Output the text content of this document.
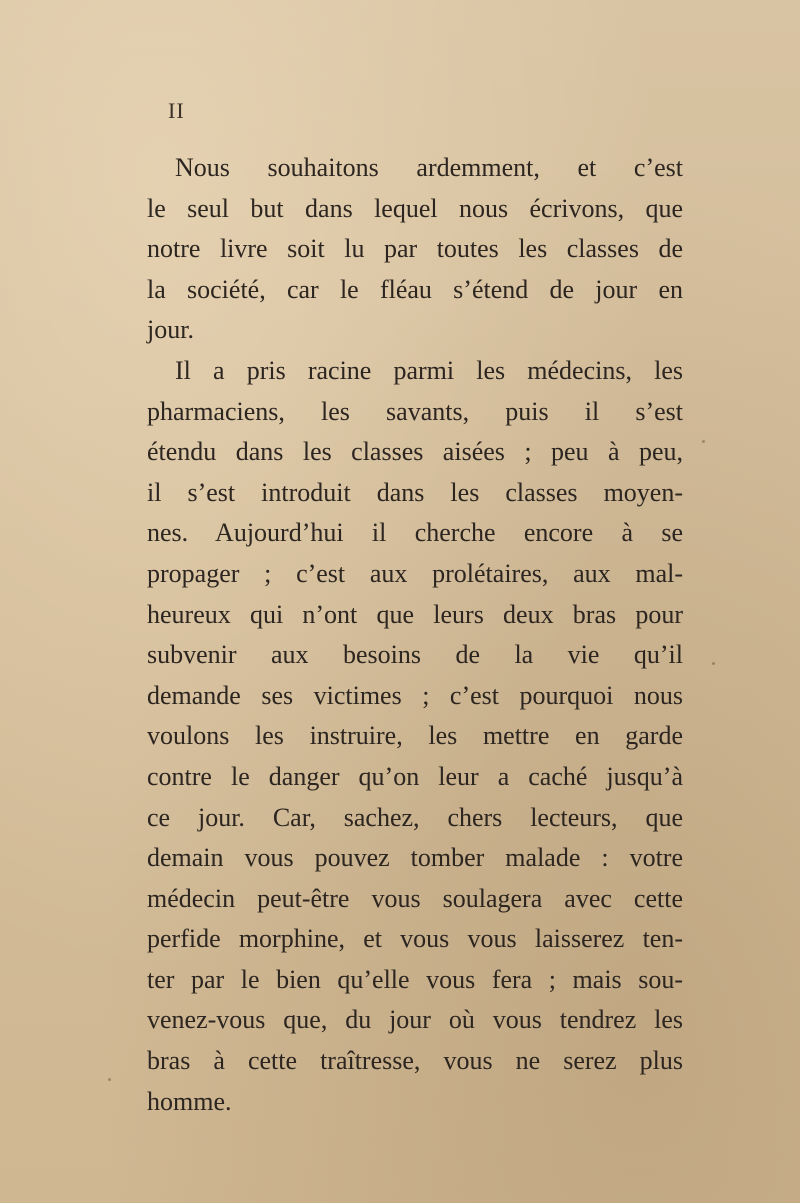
II

Nous souhaitons ardemment, et c’est
le seul but dans lequel nous écrivons, que
notre livre soit lu par toutes les classes de
la société, car le fléau s’étend de jour en
jour.

Il a pris racine parmi les médecins, les
pharmaciens, les savants, puis il s’est
étendu dans les classes aisées ; peu à peu,
il s’est introduit dans les classes moyen-
nes. Aujourd’hui il cherche encore à se
propager ; c’est aux prolétaires, aux mal-
heureux qui n’ont que leurs deux bras pour
subvenir aux besoins de la vie qu’il
demande ses victimes ; c’est pourquoi nous
voulons les instruire, les mettre en garde
contre le danger qu’on leur a caché jusqu’à
ce jour. Car, sachez, chers lecteurs, que
demain vous pouvez tomber malade : votre
médecin peut-être vous soulagera avec cette
perfide morphine, et vous vous laisserez ten-
ter par le bien qu’elle vous fera ; mais sou-
venez-vous que, du jour où vous tendrez les
bras à cette traîtresse, vous ne serez plus
homme.
